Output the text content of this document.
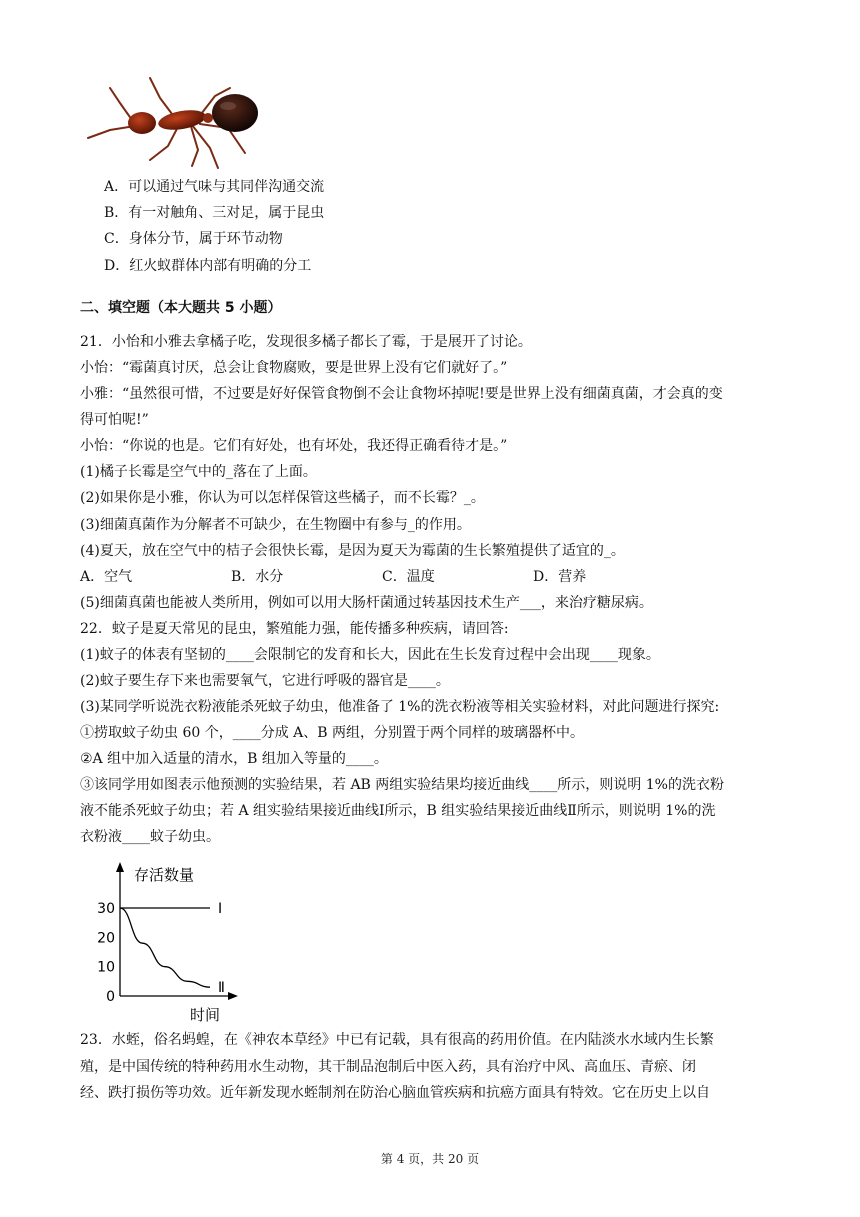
A．可以通过气味与其同伴沟通交流
B．有一对触角、三对足，属于昆虫
C．身体分节，属于环节动物
D．红火蚁群体内部有明确的分工
二、填空题（本大题共 5 小题）
21．小怡和小雅去拿橘子吃，发现很多橘子都长了霉，于是展开了讨论。
小怡：“霉菌真讨厌，总会让食物腐败，要是世界上没有它们就好了。”
小雅：“虽然很可惜，不过要是好好保管食物倒不会让食物坏掉呢!要是世界上没有细菌真菌，才会真的变
得可怕呢!”
小怡：“你说的也是。它们有好处，也有坏处，我还得正确看待才是。”
(1)橘子长霉是空气中的_落在了上面。
(2)如果你是小雅，你认为可以怎样保管这些橘子，而不长霉？_。
(3)细菌真菌作为分解者不可缺少，在生物圈中有参与_的作用。
(4)夏天，放在空气中的桔子会很快长霉，是因为夏天为霉菌的生长繁殖提供了适宜的_。
A．空气	B．水分	C．温度	D．营养
(5)细菌真菌也能被人类所用，例如可以用大肠杆菌通过转基因技术生产___，来治疗糖尿病。
22．蚊子是夏天常见的昆虫，繁殖能力强，能传播多种疾病，请回答:
(1)蚊子的体表有坚韧的____会限制它的发育和长大，因此在生长发育过程中会出现____现象。
(2)蚊子要生存下来也需要氧气，它进行呼吸的器官是____。
(3)某同学听说洗衣粉液能杀死蚊子幼虫，他准备了 1%的洗衣粉液等相关实验材料，对此问题进行探究:
①捞取蚊子幼虫 60 个，____分成 A、B 两组，分别置于两个同样的玻璃器杯中。
②A 组中加入适量的清水，B 组加入等量的____。
③该同学用如图表示他预测的实验结果，若 AB 两组实验结果均接近曲线____所示，则说明 1%的洗衣粉
液不能杀死蚊子幼虫；若 A 组实验结果接近曲线Ⅰ所示，B 组实验结果接近曲线Ⅱ所示，则说明 1%的洗
衣粉液____蚊子幼虫。
存活数量
时间
0
10
20
30	Ⅰ
Ⅱ
23．水蛭，俗名蚂蝗，在《神农本草经》中已有记载，具有很高的药用价值。在内陆淡水水域内生长繁
殖，是中国传统的特种药用水生动物，其干制品泡制后中医入药，具有治疗中风、高血压、青瘀、闭
经、跌打损伤等功效。近年新发现水蛭制剂在防治心脑血管疾病和抗癌方面具有特效。它在历史上以自
第 4 页，共 20 页
